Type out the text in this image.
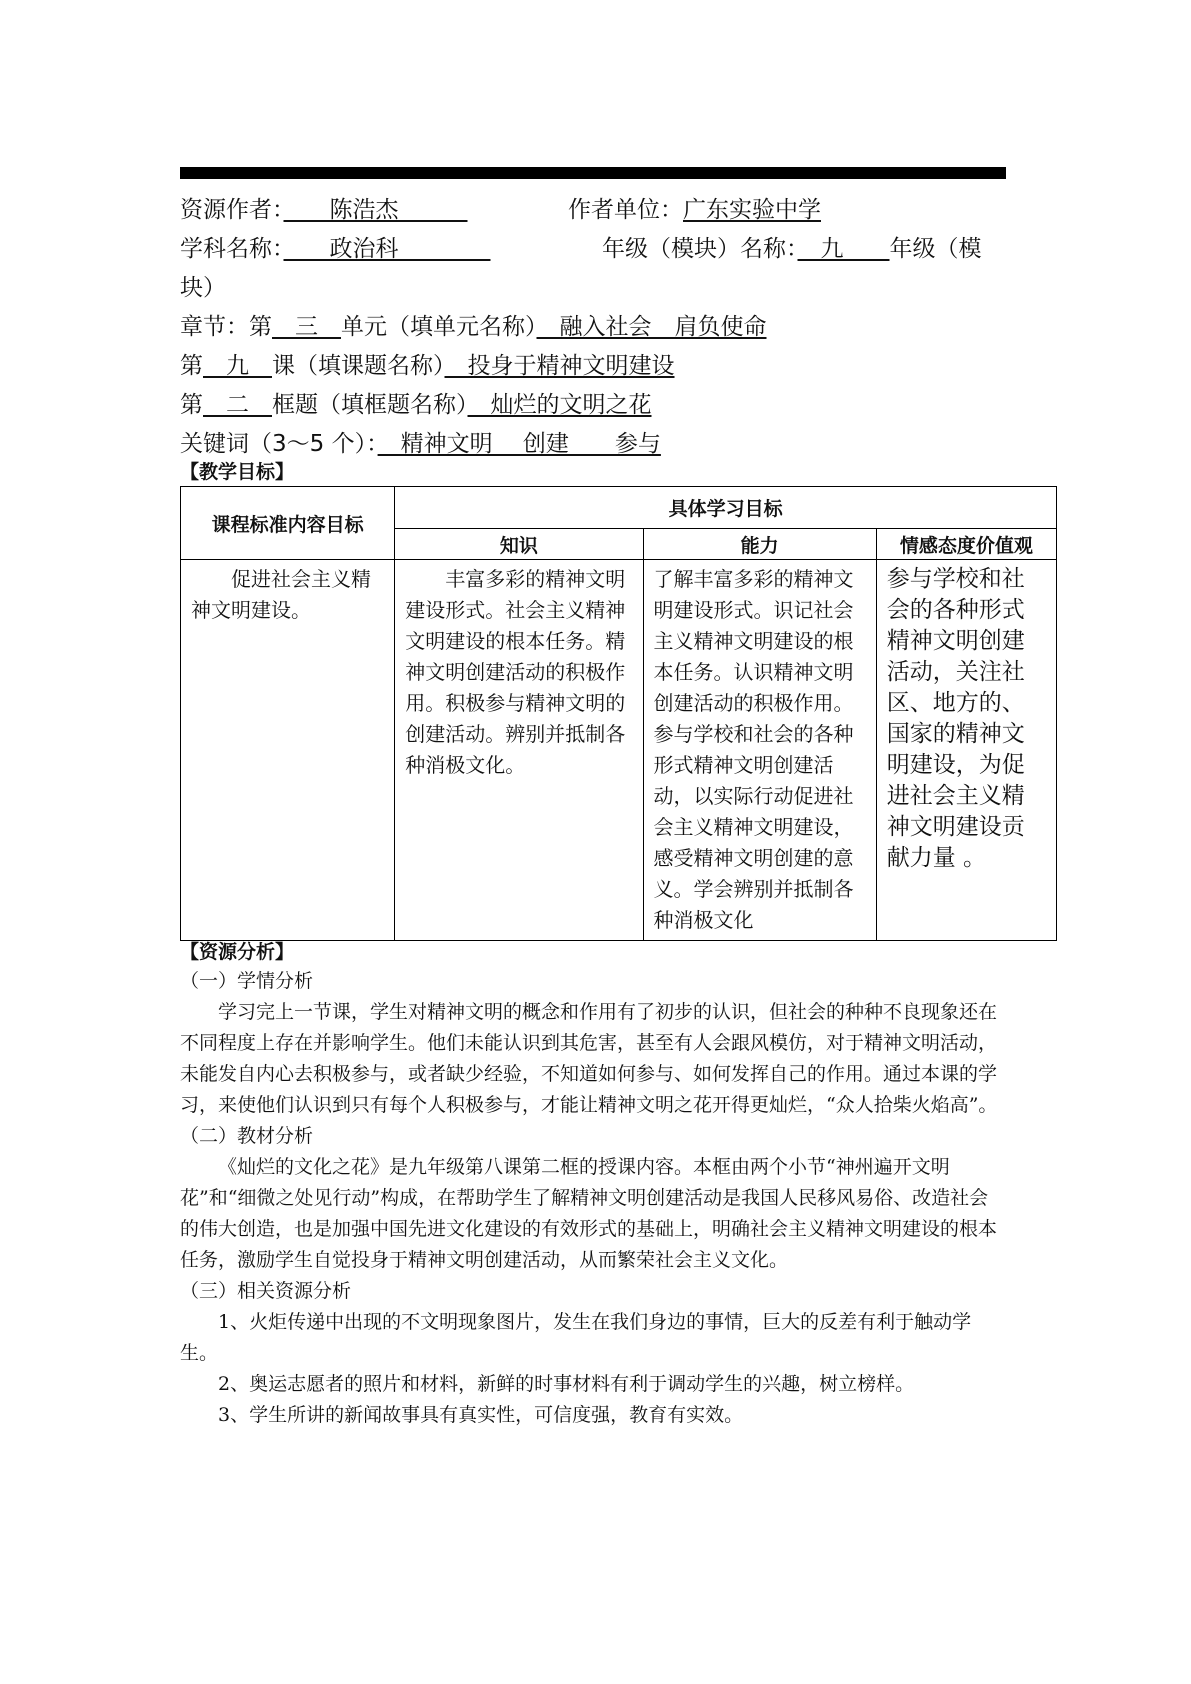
资源作者：　　陈浩杰　　　	作者单位：广东实验中学
学科名称：　　政治科　　　　	年级（模块）名称：　九　　年级（模
块）
章节：第　三　单元（填单元名称）　融入社会　肩负使命
第　九　课（填课题名称）　投身于精神文明建设
第　二　框题（填框题名称）　灿烂的文明之花
关键词（3～5 个）：　精神文明　 创建　　参与
【教学目标】
课程标准内容目标	具体学习目标		
	知识	能力	情感态度价值观
　　促进社会主义精神文明建设。	　　丰富多彩的精神文明建设形式。社会主义精神文明建设的根本任务。精神文明创建活动的积极作用。积极参与精神文明的创建活动。辨别并抵制各种消极文化。	了解丰富多彩的精神文明建设形式。识记社会主义精神文明建设的根本任务。认识精神文明创建活动的积极作用。参与学校和社会的各种形式精神文明创建活动，以实际行动促进社会主义精神文明建设，感受精神文明创建的意义。学会辨别并抵制各种消极文化	参与学校和社会的各种形式精神文明创建活动，关注社区、地方的、国家的精神文明建设，为促进社会主义精神文明建设贡献力量 。
【资源分析】
（一）学情分析
学习完上一节课，学生对精神文明的概念和作用有了初步的认识，但社会的种种不良现象还在不同程度上存在并影响学生。他们未能认识到其危害，甚至有人会跟风模仿，对于精神文明活动，未能发自内心去积极参与，或者缺少经验，不知道如何参与、如何发挥自己的作用。通过本课的学习，来使他们认识到只有每个人积极参与，才能让精神文明之花开得更灿烂，“众人拾柴火焰高”。
（二）教材分析
《灿烂的文化之花》是九年级第八课第二框的授课内容。本框由两个小节“神州遍开文明花”和“细微之处见行动”构成，在帮助学生了解精神文明创建活动是我国人民移风易俗、改造社会的伟大创造，也是加强中国先进文化建设的有效形式的基础上，明确社会主义精神文明建设的根本任务，激励学生自觉投身于精神文明创建活动，从而繁荣社会主义文化。
（三）相关资源分析
1、火炬传递中出现的不文明现象图片，发生在我们身边的事情，巨大的反差有利于触动学生。
2、奥运志愿者的照片和材料，新鲜的时事材料有利于调动学生的兴趣，树立榜样。
3、学生所讲的新闻故事具有真实性，可信度强，教育有实效。
